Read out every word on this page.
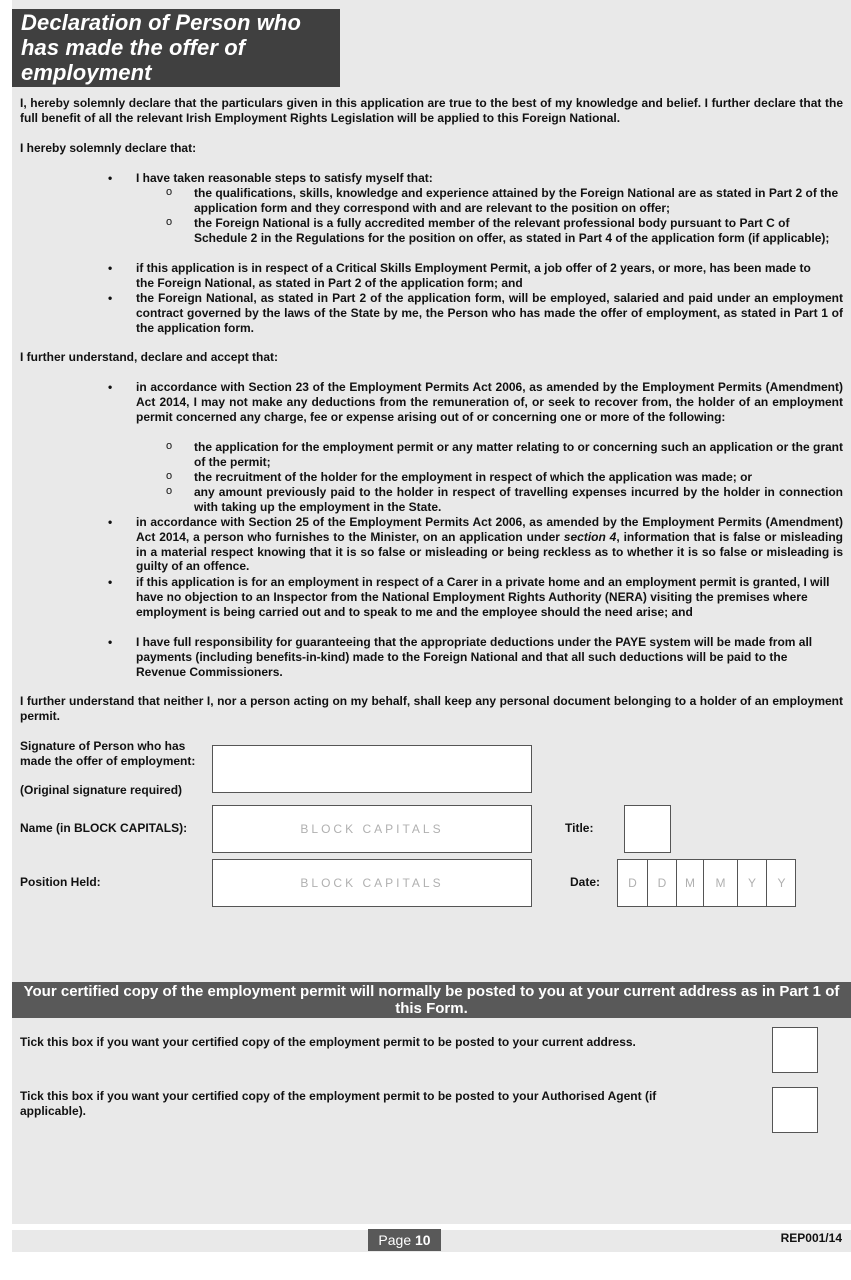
Declaration of Person who has made the offer of employment
I, hereby solemnly declare that the particulars given in this application are true to the best of my knowledge and belief. I further declare that the full benefit of all the relevant Irish Employment Rights Legislation will be applied to this Foreign National.
I hereby solemnly declare that:
• I have taken reasonable steps to satisfy myself that:
o the qualifications, skills, knowledge and experience attained by the Foreign National are as stated in Part 2 of the application form and they correspond with and are relevant to the position on offer;
o the Foreign National is a fully accredited member of the relevant professional body pursuant to Part C of Schedule 2 in the Regulations for the position on offer, as stated in Part 4 of the application form (if applicable);
• if this application is in respect of a Critical Skills Employment Permit, a job offer of 2 years, or more, has been made to the Foreign National, as stated in Part 2 of the application form; and
• the Foreign National, as stated in Part 2 of the application form, will be employed, salaried and paid under an employment contract governed by the laws of the State by me, the Person who has made the offer of employment, as stated in Part 1 of the application form.
I further understand, declare and accept that:
• in accordance with Section 23 of the Employment Permits Act 2006, as amended by the Employment Permits (Amendment) Act 2014, I may not make any deductions from the remuneration of, or seek to recover from, the holder of an employment permit concerned any charge, fee or expense arising out of or concerning one or more of the following:
o the application for the employment permit or any matter relating to or concerning such an application or the grant of the permit;
o the recruitment of the holder for the employment in respect of which the application was made; or
o any amount previously paid to the holder in respect of travelling expenses incurred by the holder in connection with taking up the employment in the State.
• in accordance with Section 25 of the Employment Permits Act 2006, as amended by the Employment Permits (Amendment) Act 2014, a person who furnishes to the Minister, on an application under section 4, information that is false or misleading in a material respect knowing that it is so false or misleading or being reckless as to whether it is so false or misleading is guilty of an offence.
• if this application is for an employment in respect of a Carer in a private home and an employment permit is granted, I will have no objection to an Inspector from the National Employment Rights Authority (NERA) visiting the premises where employment is being carried out and to speak to me and the employee should the need arise; and
• I have full responsibility for guaranteeing that the appropriate deductions under the PAYE system will be made from all payments (including benefits-in-kind) made to the Foreign National and that all such deductions will be paid to the Revenue Commissioners.
I further understand that neither I, nor a person acting on my behalf, shall keep any personal document belonging to a holder of an employment permit.
Signature of Person who has made the offer of employment:
(Original signature required)
Name (in BLOCK CAPITALS):	BLOCK CAPITALS	Title:
Position Held:	BLOCK CAPITALS	Date:	D	D	M	M	Y	Y
Your certified copy of the employment permit will normally be posted to you at your current address as in Part 1 of this Form.
Tick this box if you want your certified copy of the employment permit to be posted to your current address.
Tick this box if you want your certified copy of the employment permit to be posted to your Authorised Agent (if applicable).
Page 10	REP001/14
